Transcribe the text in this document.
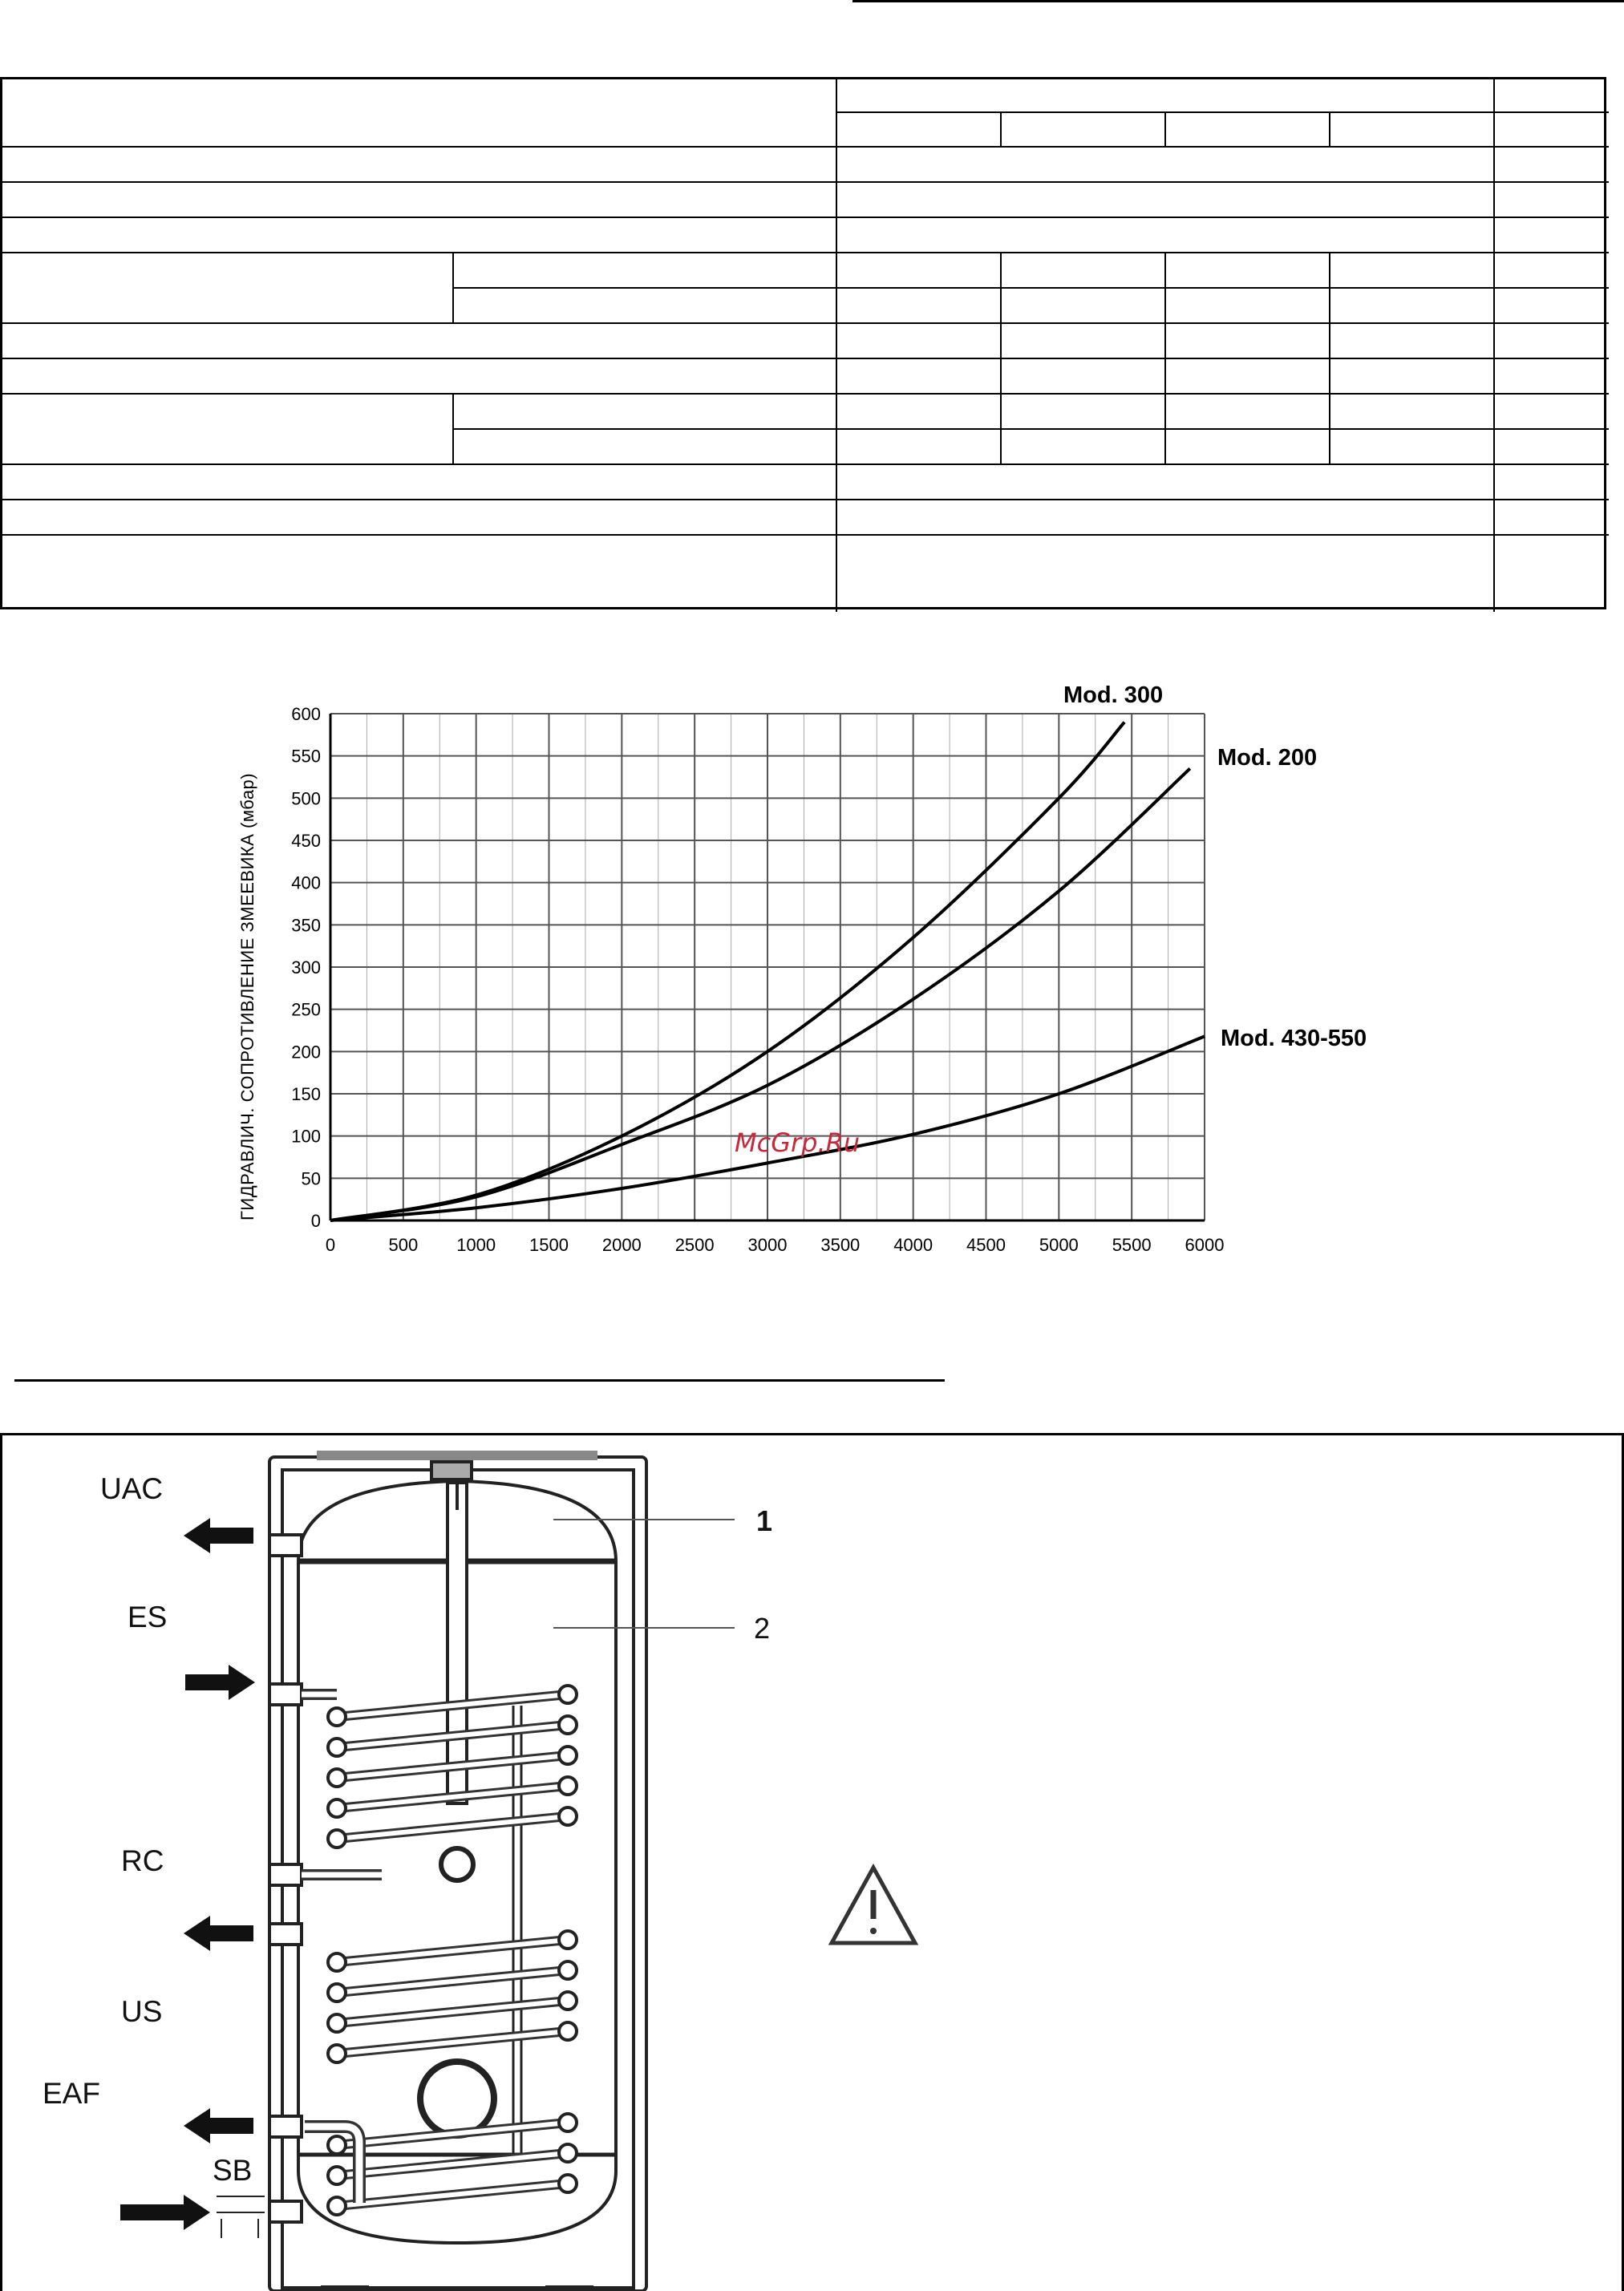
0	500 1000 1500 2000 2500 3000 3500 4000 4500 5000 5500 6000
0
50
100
150
200
250
300
350
400
450
500
550
600
Mod. 300
Mod. 200
Mod. 430-550
ГИДРАВЛИЧ. СОПРОТИВЛЕНИЕ ЗМЕЕВИКА (мбар)	McGrp.Ru
UAC
ES
RC
US
EAF
SB
1
2
